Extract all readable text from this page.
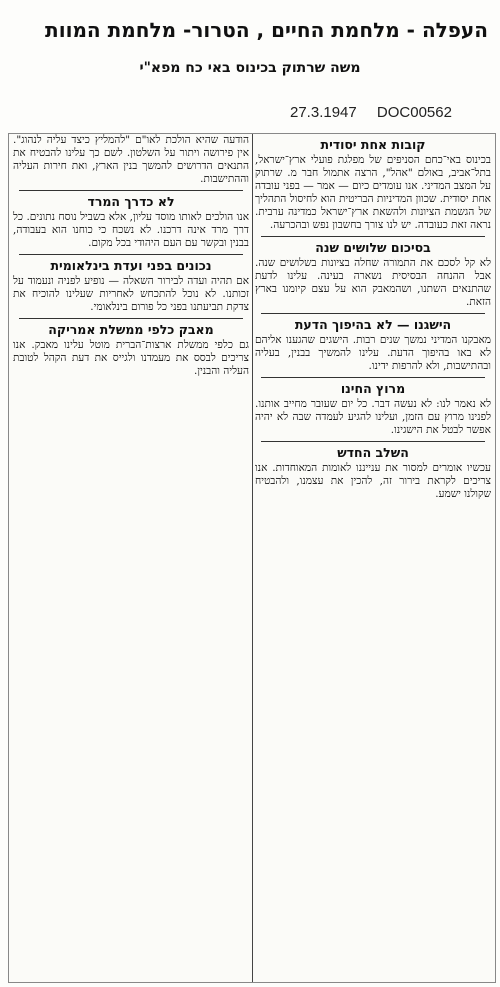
העפלה - מלחמת החיים , הטרור- מלחמת המוות
משה שרתוק בכינוס באי כח מפא"י
27.3.1947 DOC00562
קובות אחת יסודית

בכינוס באי־כחם הסניפים של מפלגת פועלי ארץ־ישראל, בתל־אביב, באולם "אהל", הרצה אתמול חבר מ. שרתוק על המצב המדיני. אנו עומדים כיום — אמר — בפני עובדה אחת יסודית. שכוון המדיניות הבריטית הוא לחיסול התהליך של הגשמת הציונות ולהשאת ארץ־ישראל כמדינה ערבית. נראה זאת כעובדה. יש לנו צורך בחשבון נפש ובהכרעה.

בסיכום שלושים שנה

לא קל לסכם את התמורה שחלה בציונות בשלושים שנה. אבל ההנחה הבסיסית נשארה בעינה. עלינו לדעת שהתנאים השתנו, ושהמאבק הוא על עצם קיומנו בארץ הזאת.

הישגנו — לא בהיפוך הדעת

מאבקנו המדיני נמשך שנים רבות. הישגים שהגענו אליהם לא באו בהיפוך הדעת. עלינו להמשיך בבנין, בעליה ובהתישבות, ולא להרפות ידינו.

מרוץ החינו

לא נאמר לנו: לא נעשה דבר. כל יום שעובר מחייב אותנו. לפנינו מרוץ עם הזמן, ועלינו להגיע לעמדה שבה לא יהיה אפשר לבטל את הישגינו.

השלב החדש

עכשיו אומרים למסור את ענייננו לאומות המאוחדות. אנו צריכים לקראת בירור זה, להכין את עצמנו, ולהבטיח שקולנו ישמע.

הודעה שהיא הולכת לאו"ם "להמליץ כיצד עליה לנהוג". אין פירושה ויתור על השלטון. לשם כך עלינו להבטיח את התנאים הדרושים להמשך בנין הארץ, ואת חירות העליה וההתישבות.

לא כדרך המרד

אנו הולכים לאותו מוסד עליון, אלא בשביל נוסח נתונים. כל דרך מרד אינה דרכנו. לא נשכח כי כוחנו הוא בעבודה, בבנין ובקשר עם העם היהודי בכל מקום.

נכונים בפני ועדת בינלאומית

אם תהיה ועדה לבירור השאלה — נופיע לפניה ונעמוד על זכותנו. לא נוכל להתכחש לאחריות שעלינו להוכיח את צדקת תביעתנו בפני כל פורום בינלאומי.

מאבק כלפי ממשלת אמריקה

גם כלפי ממשלת ארצות־הברית מוטל עלינו מאבק. אנו צריכים לבסס את מעמדנו ולגייס את דעת הקהל לטובת העליה והבנין.
